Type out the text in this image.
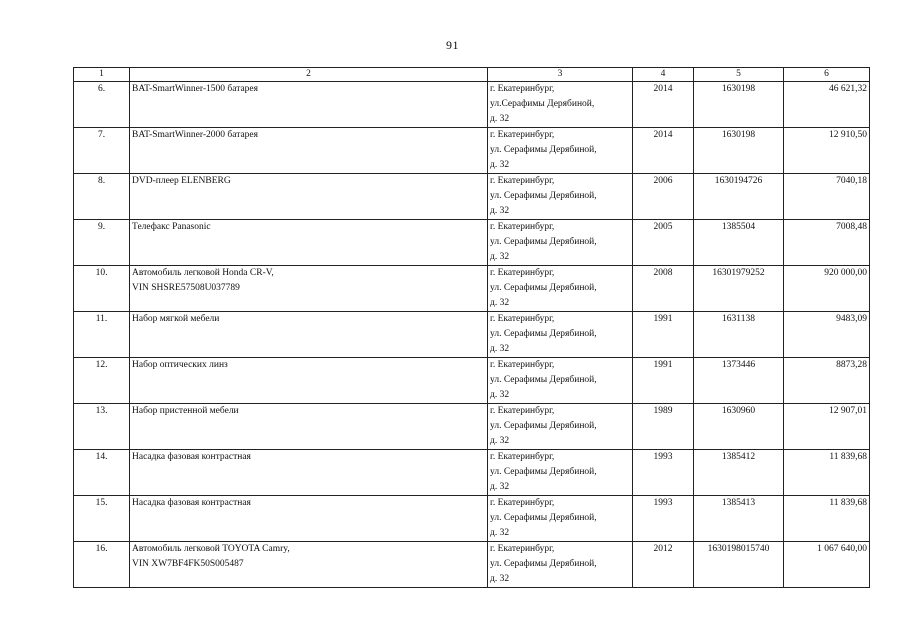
91
1	2	3	4	5	6

6.	BAT-SmartWinner-1500 батарея	г. Екатеринбург,
ул.Серафимы Дерябиной,
д. 32	2014	1630198	46 621,32

7.	BAT-SmartWinner-2000 батарея	г. Екатеринбург,
ул. Серафимы Дерябиной,
д. 32	2014	1630198	12 910,50

8.	DVD-плеер ELENBERG	г. Екатеринбург,
ул. Серафимы Дерябиной,
д. 32	2006	1630194726	7040,18

9.	Телефакс Panasonic	г. Екатеринбург,
ул. Серафимы Дерябиной,
д. 32	2005	1385504	7008,48

10.	Автомобиль легковой Honda CR-V,
VIN SHSRE57508U037789	г. Екатеринбург,
ул. Серафимы Дерябиной,
д. 32	2008	16301979252	920 000,00

11.	Набор мягкой мебели	г. Екатеринбург,
ул. Серафимы Дерябиной,
д. 32	1991	1631138	9483,09

12.	Набор оптических линз	г. Екатеринбург,
ул. Серафимы Дерябиной,
д. 32	1991	1373446	8873,28

13.	Набор пристенной мебели	г. Екатеринбург,
ул. Серафимы Дерябиной,
д. 32	1989	1630960	12 907,01

14.	Насадка фазовая контрастная	г. Екатеринбург,
ул. Серафимы Дерябиной,
д. 32	1993	1385412	11 839,68

15.	Насадка фазовая контрастная	г. Екатеринбург,
ул. Серафимы Дерябиной,
д. 32	1993	1385413	11 839,68

16.	Автомобиль легковой TOYOTA Camry,
VIN XW7BF4FK50S005487	г. Екатеринбург,
ул. Серафимы Дерябиной,
д. 32	2012	1630198015740	1 067 640,00
